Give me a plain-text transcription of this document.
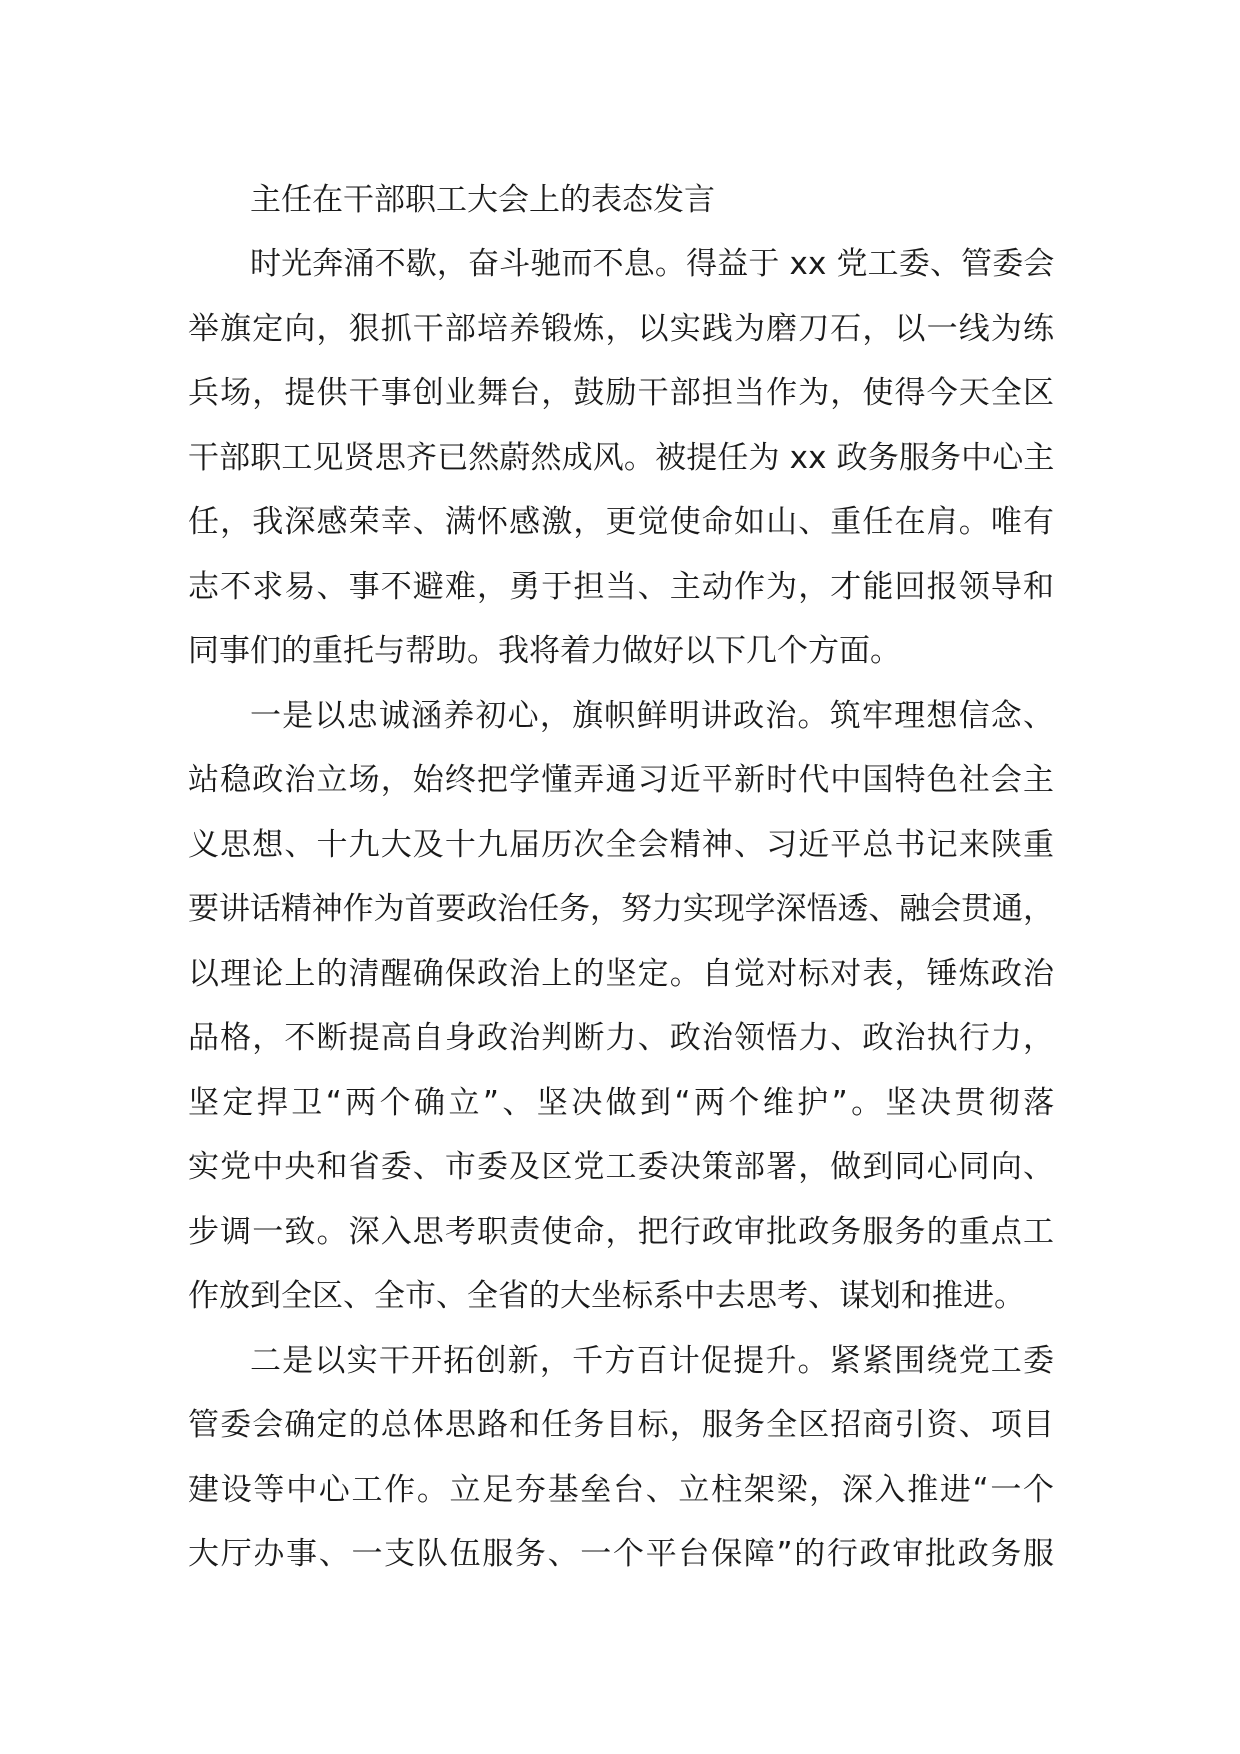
主任在干部职工大会上的表态发言

时光奔涌不歇，奋斗驰而不息。得益于 xx 党工委、管委会

举旗定向，狠抓干部培养锻炼，以实践为磨刀石，以一线为练

兵场，提供干事创业舞台，鼓励干部担当作为，使得今天全区

干部职工见贤思齐已然蔚然成风。被提任为 xx 政务服务中心主

任，我深感荣幸、满怀感激，更觉使命如山、重任在肩。唯有

志不求易、事不避难，勇于担当、主动作为，才能回报领导和

同事们的重托与帮助。我将着力做好以下几个方面。

一是以忠诚涵养初心，旗帜鲜明讲政治。筑牢理想信念、

站稳政治立场，始终把学懂弄通习近平新时代中国特色社会主

义思想、十九大及十九届历次全会精神、习近平总书记来陕重

要讲话精神作为首要政治任务，努力实现学深悟透、融会贯通，

以理论上的清醒确保政治上的坚定。自觉对标对表，锤炼政治

品格，不断提高自身政治判断力、政治领悟力、政治执行力，

坚定捍卫“两个确立”、坚决做到“两个维护”。坚决贯彻落

实党中央和省委、市委及区党工委决策部署，做到同心同向、

步调一致。深入思考职责使命，把行政审批政务服务的重点工

作放到全区、全市、全省的大坐标系中去思考、谋划和推进。

二是以实干开拓创新，千方百计促提升。紧紧围绕党工委

管委会确定的总体思路和任务目标，服务全区招商引资、项目

建设等中心工作。立足夯基垒台、立柱架梁，深入推进“一个

大厅办事、一支队伍服务、一个平台保障”的行政审批政务服
